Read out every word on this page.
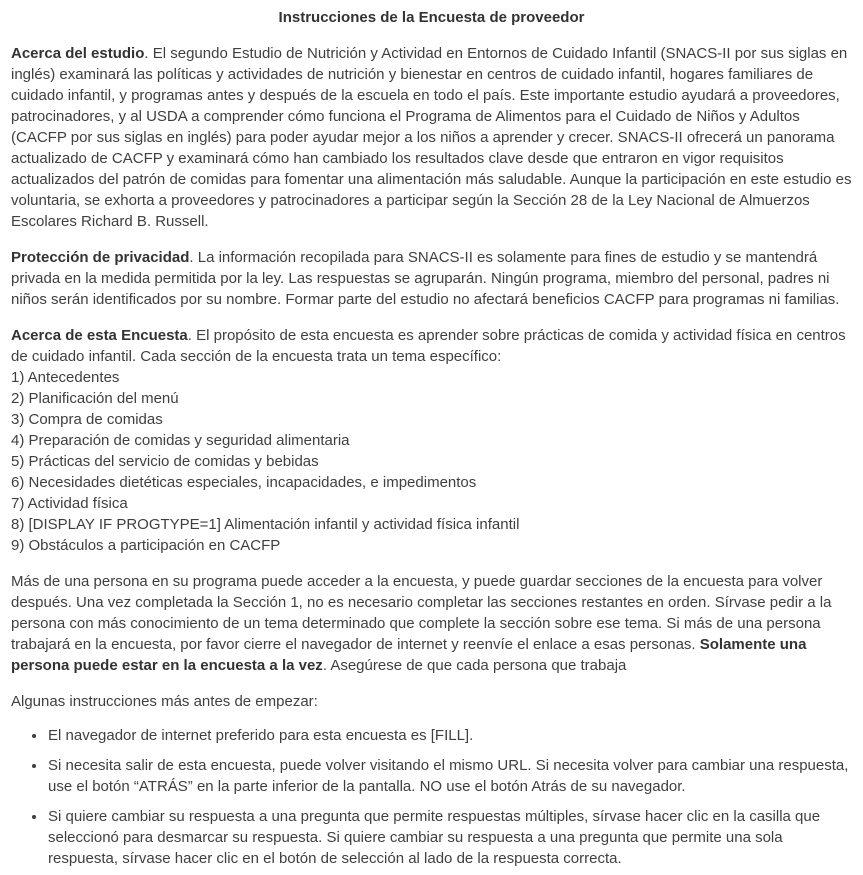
Instrucciones de la Encuesta de proveedor

Acerca del estudio. El segundo Estudio de Nutrición y Actividad en Entornos de Cuidado Infantil (SNACS-II por sus siglas en inglés) examinará las políticas y actividades de nutrición y bienestar en centros de cuidado infantil, hogares familiares de cuidado infantil, y programas antes y después de la escuela en todo el país. Este importante estudio ayudará a proveedores, patrocinadores, y al USDA a comprender cómo funciona el Programa de Alimentos para el Cuidado de Niños y Adultos (CACFP por sus siglas en inglés) para poder ayudar mejor a los niños a aprender y crecer. SNACS-II ofrecerá un panorama actualizado de CACFP y examinará cómo han cambiado los resultados clave desde que entraron en vigor requisitos actualizados del patrón de comidas para fomentar una alimentación más saludable. Aunque la participación en este estudio es voluntaria, se exhorta a proveedores y patrocinadores a participar según la Sección 28 de la Ley Nacional de Almuerzos Escolares Richard B. Russell.

Protección de privacidad. La información recopilada para SNACS-II es solamente para fines de estudio y se mantendrá privada en la medida permitida por la ley. Las respuestas se agruparán. Ningún programa, miembro del personal, padres ni niños serán identificados por su nombre. Formar parte del estudio no afectará beneficios CACFP para programas ni familias.

Acerca de esta Encuesta. El propósito de esta encuesta es aprender sobre prácticas de comida y actividad física en centros de cuidado infantil. Cada sección de la encuesta trata un tema específico:
1) Antecedentes
2) Planificación del menú
3) Compra de comidas
4) Preparación de comidas y seguridad alimentaria
5) Prácticas del servicio de comidas y bebidas
6) Necesidades dietéticas especiales, incapacidades, e impedimentos
7) Actividad física
8) [DISPLAY IF PROGTYPE=1] Alimentación infantil y actividad física infantil
9) Obstáculos a participación en CACFP

Más de una persona en su programa puede acceder a la encuesta, y puede guardar secciones de la encuesta para volver después. Una vez completada la Sección 1, no es necesario completar las secciones restantes en orden. Sírvase pedir a la persona con más conocimiento de un tema determinado que complete la sección sobre ese tema. Si más de una persona trabajará en la encuesta, por favor cierre el navegador de internet y reenvíe el enlace a esas personas. Solamente una persona puede estar en la encuesta a la vez. Asegúrese de que cada persona que trabaja

Algunas instrucciones más antes de empezar:

• El navegador de internet preferido para esta encuesta es [FILL].
• Si necesita salir de esta encuesta, puede volver visitando el mismo URL. Si necesita volver para cambiar una respuesta, use el botón “ATRÁS” en la parte inferior de la pantalla. NO use el botón Atrás de su navegador.
• Si quiere cambiar su respuesta a una pregunta que permite respuestas múltiples, sírvase hacer clic en la casilla que seleccionó para desmarcar su respuesta. Si quiere cambiar su respuesta a una pregunta que permite una sola respuesta, sírvase hacer clic en el botón de selección al lado de la respuesta correcta.
